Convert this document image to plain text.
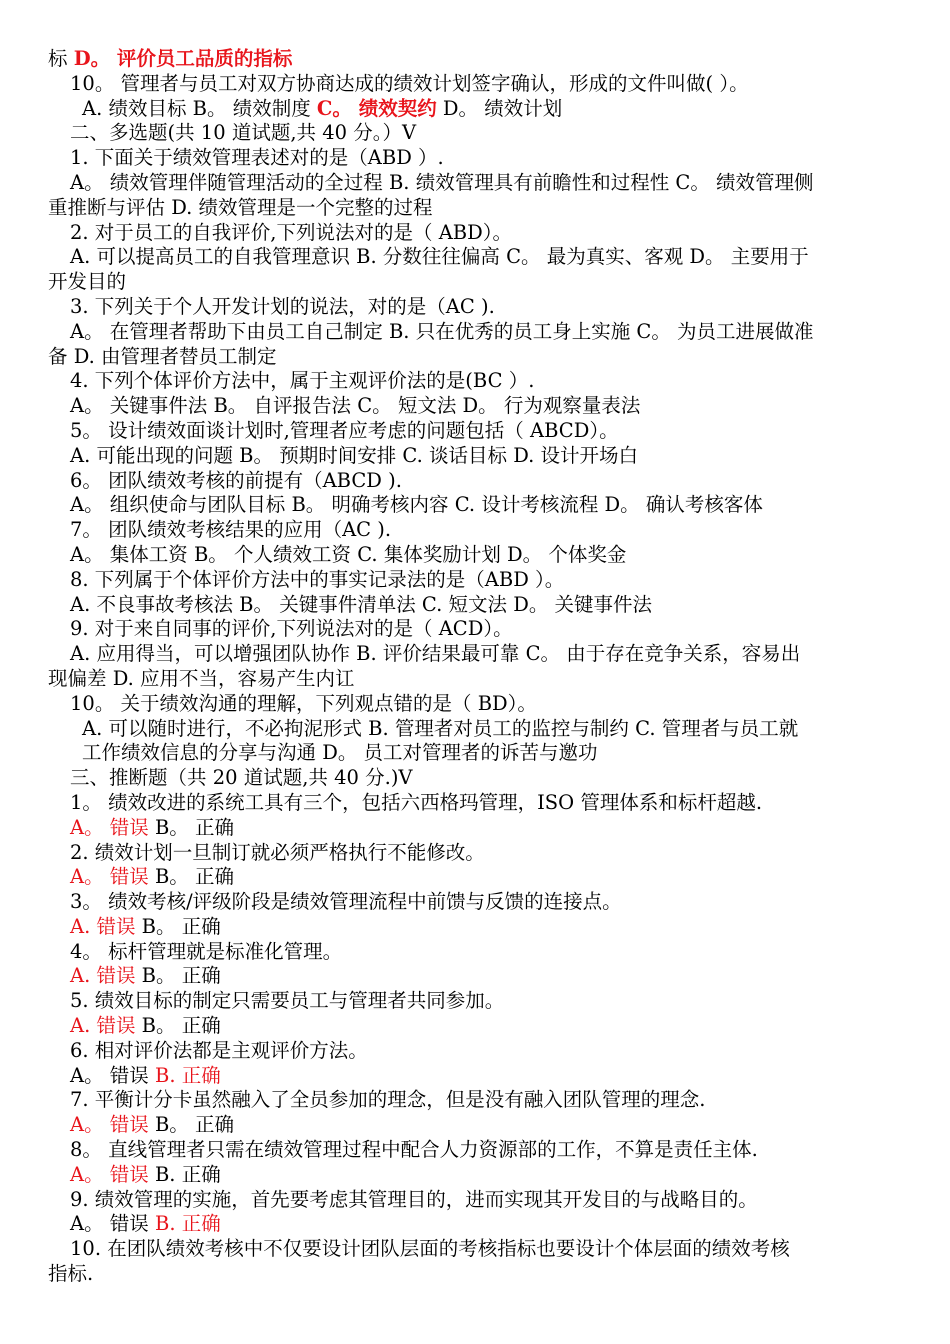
标 D。 评价员工品质的指标
10。 管理者与员工对双方协商达成的绩效计划签字确认，形成的文件叫做( ）。
A. 绩效目标 B。 绩效制度 C。 绩效契约 D。 绩效计划
二、多选题(共 10 道试题,共 40 分。）V
1. 下面关于绩效管理表述对的是（ABD ）.
A。 绩效管理伴随管理活动的全过程 B. 绩效管理具有前瞻性和过程性 C。 绩效管理侧
重推断与评估 D. 绩效管理是一个完整的过程
2. 对于员工的自我评价,下列说法对的是（ ABD）。
A. 可以提高员工的自我管理意识 B. 分数往往偏高 C。 最为真实、客观 D。 主要用于
开发目的
3. 下列关于个人开发计划的说法，对的是（AC ).
A。 在管理者帮助下由员工自己制定 B. 只在优秀的员工身上实施 C。 为员工进展做准
备 D. 由管理者替员工制定
4. 下列个体评价方法中，属于主观评价法的是(BC ）.
A。 关键事件法 B。 自评报告法 C。 短文法 D。 行为观察量表法
5。 设计绩效面谈计划时,管理者应考虑的问题包括（ ABCD）。
A. 可能出现的问题 B。 预期时间安排 C. 谈话目标 D. 设计开场白
6。 团队绩效考核的前提有（ABCD ).
A。 组织使命与团队目标 B。 明确考核内容 C. 设计考核流程 D。 确认考核客体
7。 团队绩效考核结果的应用（AC ).
A。 集体工资 B。 个人绩效工资 C. 集体奖励计划 D。 个体奖金
8. 下列属于个体评价方法中的事实记录法的是（ABD ）。
A. 不良事故考核法 B。 关键事件清单法 C. 短文法 D。 关键事件法
9. 对于来自同事的评价,下列说法对的是（ ACD）。
A. 应用得当，可以增强团队协作 B. 评价结果最可靠 C。 由于存在竞争关系，容易出
现偏差 D. 应用不当，容易产生内讧
10。 关于绩效沟通的理解，下列观点错的是（ BD）。
A. 可以随时进行，不必拘泥形式 B. 管理者对员工的监控与制约 C. 管理者与员工就
工作绩效信息的分享与沟通 D。 员工对管理者的诉苦与邀功
三、推断题（共 20 道试题,共 40 分.)V
1。 绩效改进的系统工具有三个，包括六西格玛管理，ISO 管理体系和标杆超越.
A。 错误 B。 正确
2. 绩效计划一旦制订就必须严格执行不能修改。
A。 错误 B。 正确
3。 绩效考核/评级阶段是绩效管理流程中前馈与反馈的连接点。
A. 错误 B。 正确
4。 标杆管理就是标准化管理。
A. 错误 B。 正确
5. 绩效目标的制定只需要员工与管理者共同参加。
A. 错误 B。 正确
6. 相对评价法都是主观评价方法。
A。 错误 B. 正确
7. 平衡计分卡虽然融入了全员参加的理念，但是没有融入团队管理的理念.
A。 错误 B。 正确
8。 直线管理者只需在绩效管理过程中配合人力资源部的工作，不算是责任主体.
A。 错误 B. 正确
9. 绩效管理的实施，首先要考虑其管理目的，进而实现其开发目的与战略目的。
A。 错误 B. 正确
10. 在团队绩效考核中不仅要设计团队层面的考核指标也要设计个体层面的绩效考核
指标.
